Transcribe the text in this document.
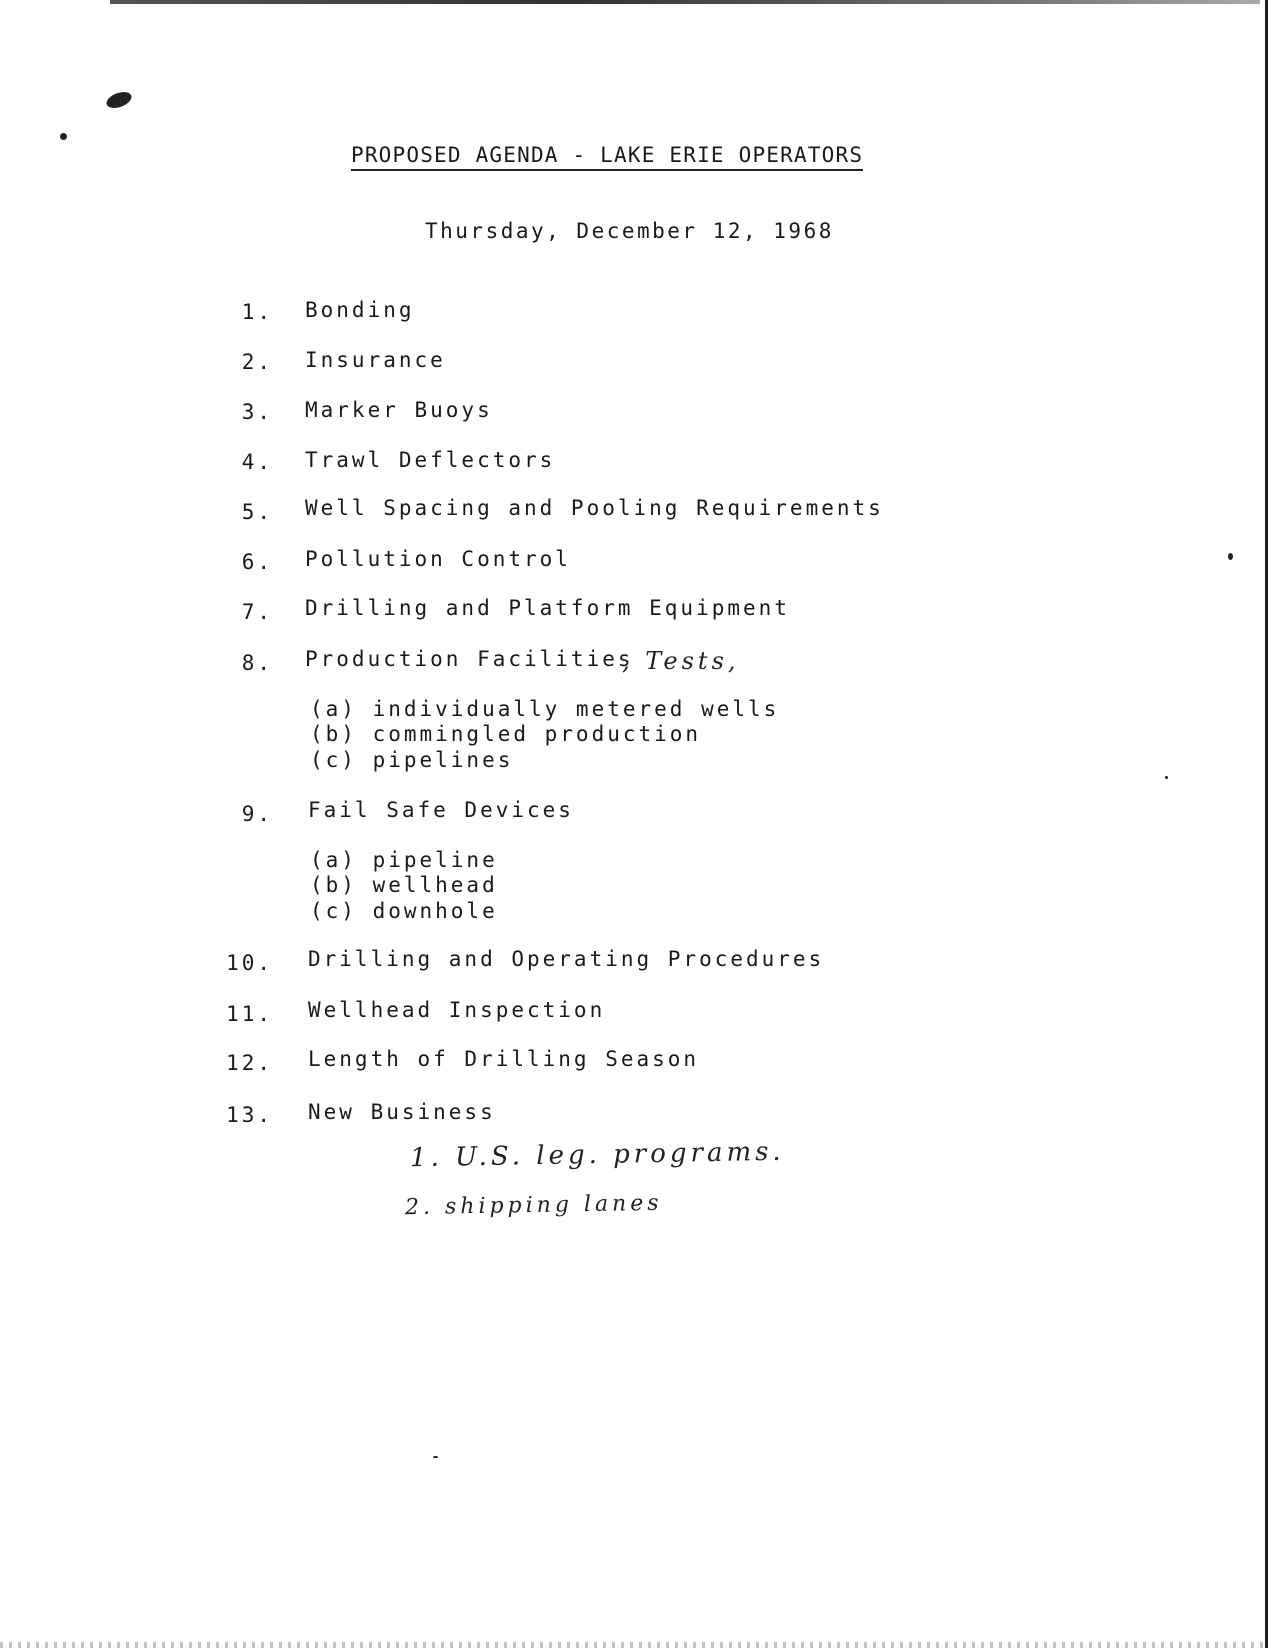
PROPOSED AGENDA - LAKE ERIE OPERATORS
Thursday, December 12, 1968
1. Bonding
2. Insurance
3. Marker Buoys
4. Trawl Deflectors
5. Well Spacing and Pooling Requirements
6. Pollution Control
7. Drilling and Platform Equipment
8. Production Facilities
, Tests,
(a) individually metered wells
(b) commingled production
(c) pipelines
9. Fail Safe Devices
(a) pipeline
(b) wellhead
(c) downhole
10. Drilling and Operating Procedures
11. Wellhead Inspection
12. Length of Drilling Season
13. New Business
1. U.S. leg. programs.
2. shipping lanes
